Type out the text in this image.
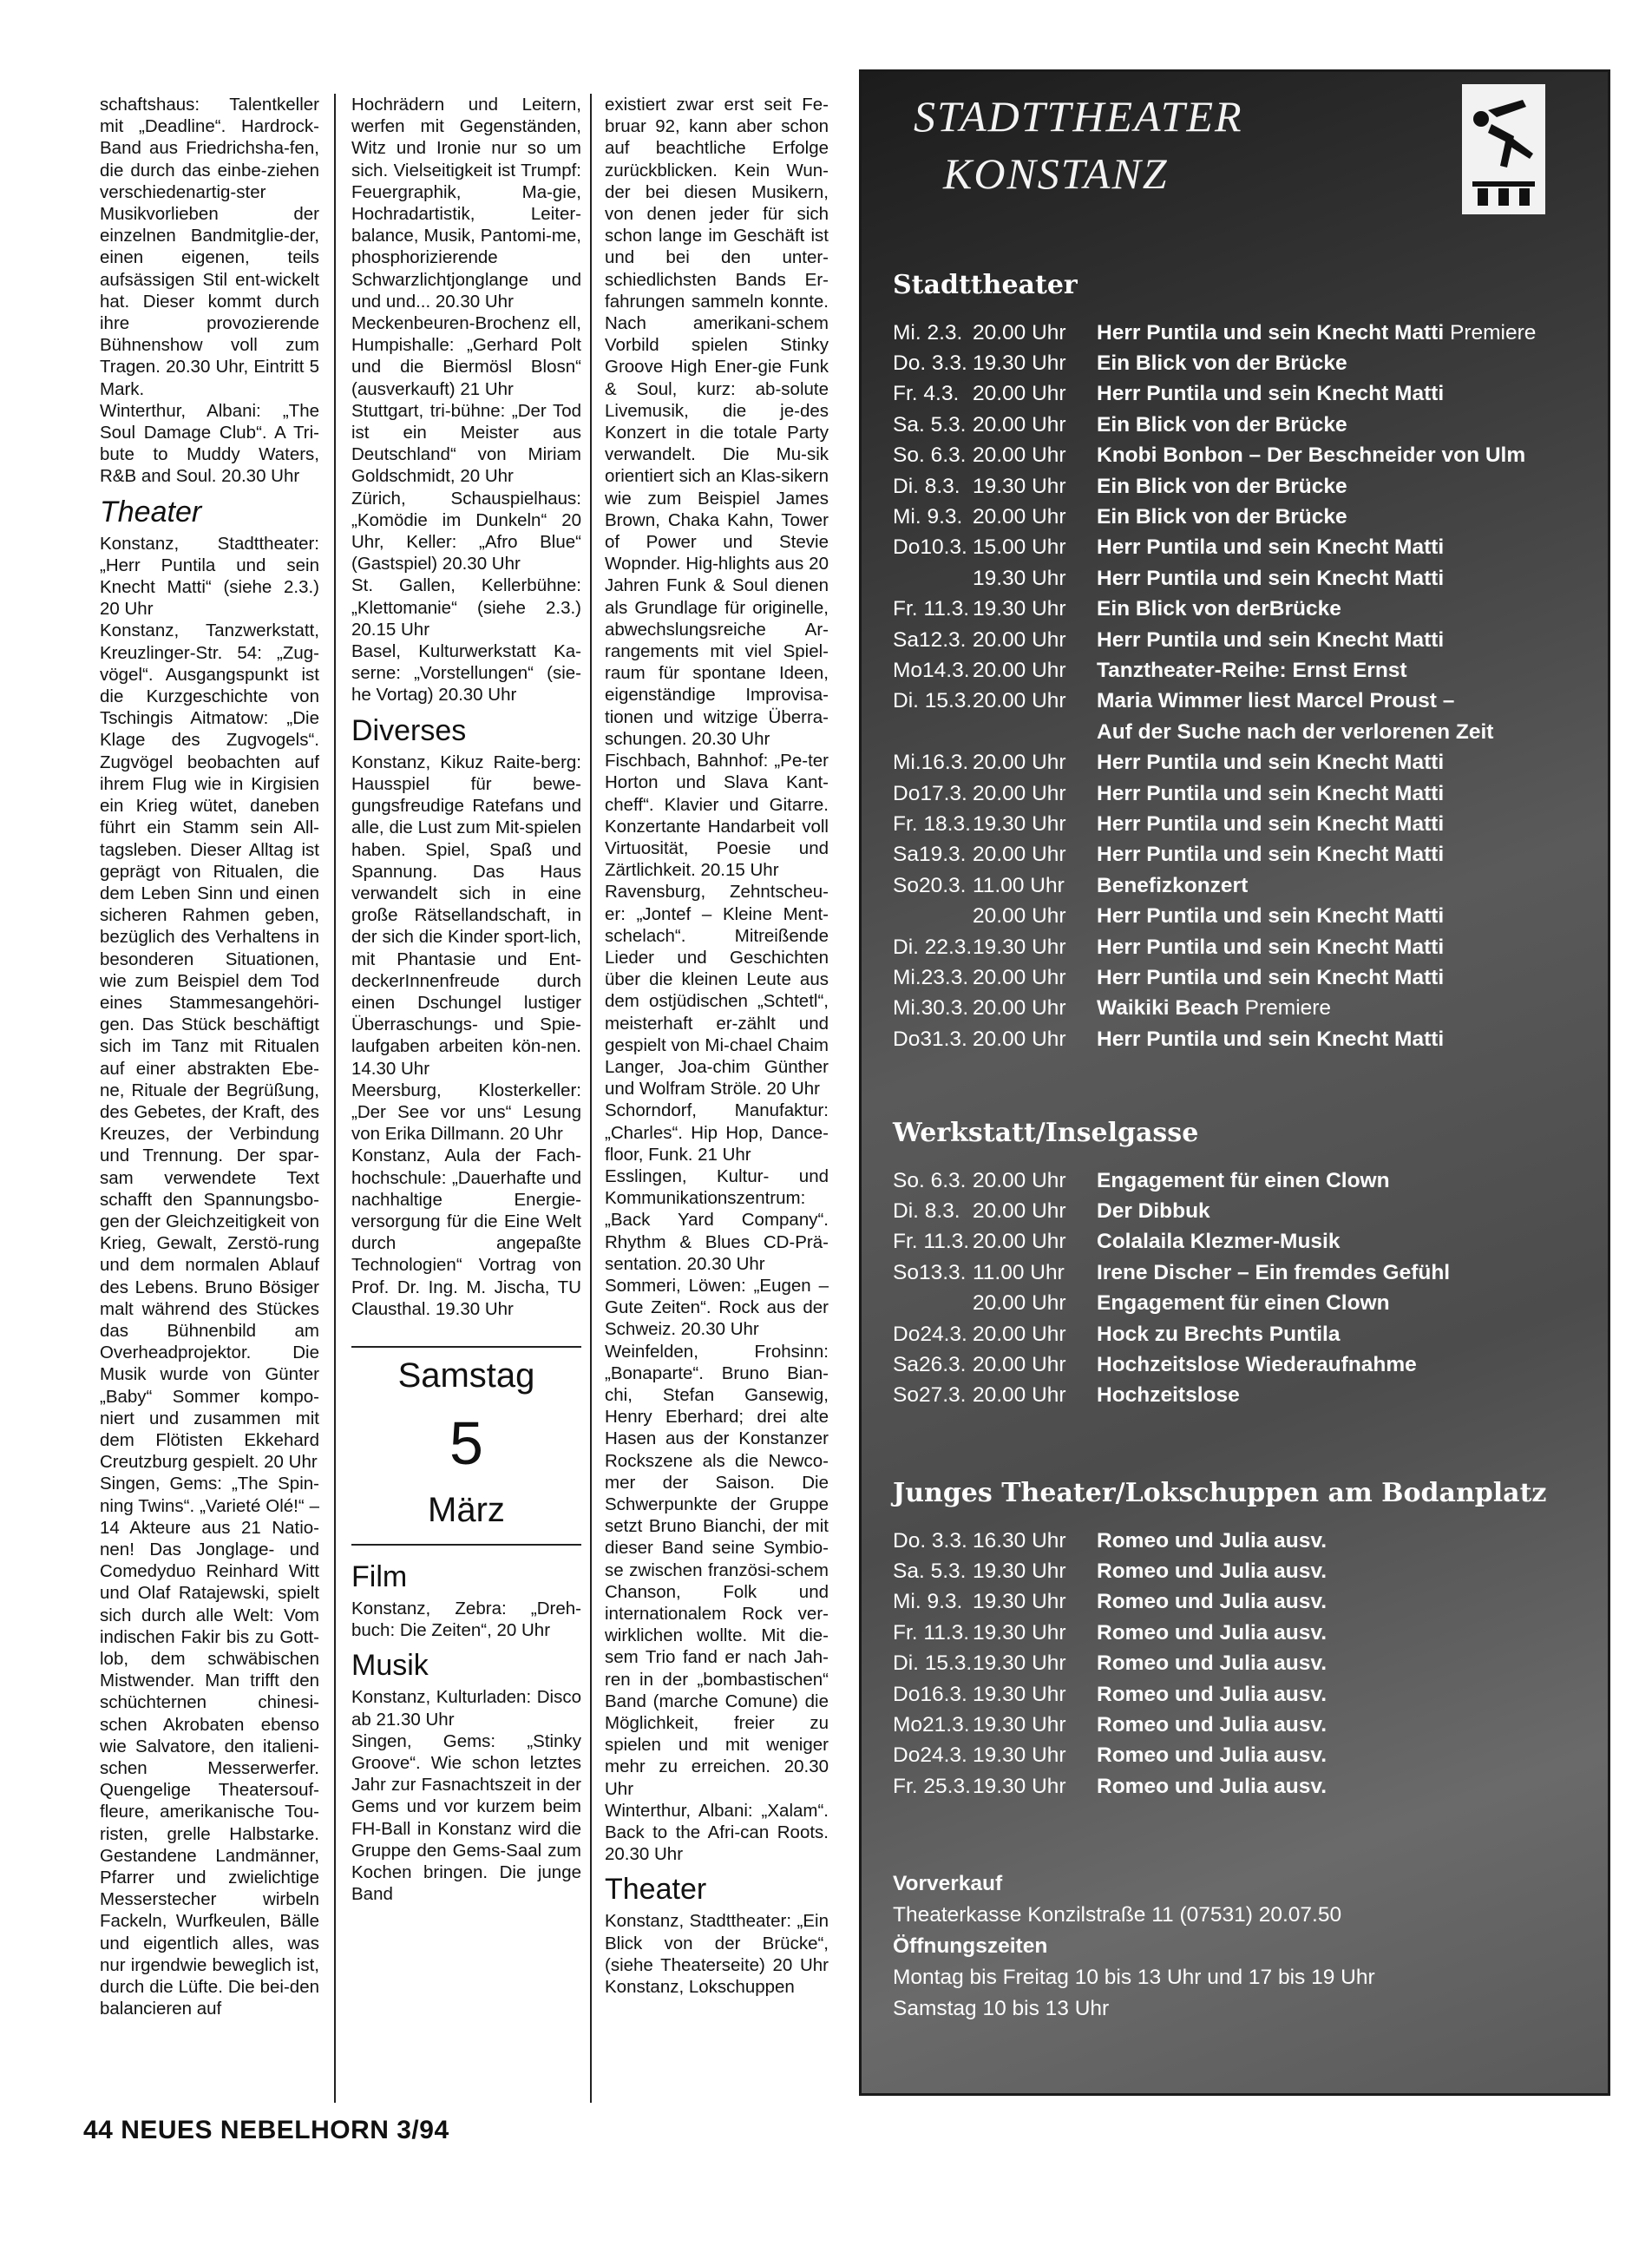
schaftshaus: Talentkeller mit „Deadline“. Hardrock-Band aus Friedrichsha-fen, die durch das einbe-ziehen verschiedenartig-ster Musikvorlieben der einzelnen Bandmitglie-der, einen eigenen, teils aufsässigen Stil ent-wickelt hat. Dieser kommt durch ihre provozierende Bühnenshow voll zum Tragen. 20.30 Uhr, Eintritt 5 Mark.

Winterthur, Albani: „The Soul Damage Club“. A Tri-bute to Muddy Waters, R&B and Soul. 20.30 Uhr

Theater

Konstanz, Stadttheater: „Herr Puntila und sein Knecht Matti“ (siehe 2.3.) 20 Uhr

Konstanz, Tanzwerkstatt, Kreuzlinger-Str. 54: „Zug-vögel“. Ausgangspunkt ist die Kurzgeschichte von Tschingis Aitmatow: „Die Klage des Zugvogels“. Zugvögel beobachten auf ihrem Flug wie in Kirgisien ein Krieg wütet, daneben führt ein Stamm sein All-tagsleben. Dieser Alltag ist geprägt von Ritualen, die dem Leben Sinn und einen sicheren Rahmen geben, bezüglich des Verhaltens in besonderen Situationen, wie zum Beispiel dem Tod eines Stammesangehöri-gen. Das Stück beschäftigt sich im Tanz mit Ritualen auf einer abstrakten Ebe-ne, Rituale der Begrüßung, des Gebetes, der Kraft, des Kreuzes, der Verbindung und Trennung. Der spar-sam verwendete Text schafft den Spannungsbo-gen der Gleichzeitigkeit von Krieg, Gewalt, Zerstö-rung und dem normalen Ablauf des Lebens. Bruno Bösiger malt während des Stückes das Bühnenbild am Overheadprojektor. Die Musik wurde von Günter „Baby“ Sommer kompo-niert und zusammen mit dem Flötisten Ekkehard Creutzburg gespielt. 20 Uhr

Singen, Gems: „The Spin-ning Twins“. „Varieté Olé!“ – 14 Akteure aus 21 Natio-nen! Das Jonglage- und Comedyduo Reinhard Witt und Olaf Ratajewski, spielt sich durch alle Welt: Vom indischen Fakir bis zu Gott-lob, dem schwäbischen Mistwender. Man trifft den schüchternen chinesi-schen Akrobaten ebenso wie Salvatore, den italieni-schen Messerwerfer. Quengelige Theatersouf-fleure, amerikanische Tou-risten, grelle Halbstarke. Gestandene Landmänner, Pfarrer und zwielichtige Messerstecher wirbeln Fackeln, Wurfkeulen, Bälle und eigentlich alles, was nur irgendwie beweglich ist, durch die Lüfte. Die bei-den balancieren auf

Hochrädern und Leitern, werfen mit Gegenständen, Witz und Ironie nur so um sich. Vielseitigkeit ist Trumpf: Feuergraphik, Ma-gie, Hochradartistik, Leiter-balance, Musik, Pantomi-me, phosphorizierende Schwarzlichtjonglange und und und... 20.30 Uhr

Meckenbeuren-Brochenz ell, Humpishalle: „Gerhard Polt und die Biermösl Blosn“ (ausverkauft) 21 Uhr

Stuttgart, tri-bühne: „Der Tod ist ein Meister aus Deutschland“ von Miriam Goldschmidt, 20 Uhr

Zürich, Schauspielhaus: „Komödie im Dunkeln“ 20 Uhr, Keller: „Afro Blue“ (Gastspiel) 20.30 Uhr

St. Gallen, Kellerbühne: „Klettomanie“ (siehe 2.3.) 20.15 Uhr

Basel, Kulturwerkstatt Ka-serne: „Vorstellungen“ (sie-he Vortag) 20.30 Uhr

Diverses

Konstanz, Kikuz Raite-berg: Hausspiel für bewe-gungsfreudige Ratefans und alle, die Lust zum Mit-spielen haben. Spiel, Spaß und Spannung. Das Haus verwandelt sich in eine große Rätsellandschaft, in der sich die Kinder sport-lich, mit Phantasie und Ent-deckerInnenfreude durch einen Dschungel lustiger Überraschungs- und Spie-laufgaben arbeiten kön-nen. 14.30 Uhr

Meersburg, Klosterkeller: „Der See vor uns“ Lesung von Erika Dillmann. 20 Uhr

Konstanz, Aula der Fach-hochschule: „Dauerhafte und nachhaltige Energie-versorgung für die Eine Welt durch angepaßte Technologien“ Vortrag von Prof. Dr. Ing. M. Jischa, TU Clausthal. 19.30 Uhr

Samstag
5
März
Film

Konstanz, Zebra: „Dreh-buch: Die Zeiten“, 20 Uhr

Musik

Konstanz, Kulturladen: Disco ab 21.30 Uhr

Singen, Gems: „Stinky Groove“. Wie schon letztes Jahr zur Fasnachtszeit in der Gems und vor kurzem beim FH-Ball in Konstanz wird die Gruppe den Gems-Saal zum Kochen bringen. Die junge Band

existiert zwar erst seit Fe-bruar 92, kann aber schon auf beachtliche Erfolge zurückblicken. Kein Wun-der bei diesen Musikern, von denen jeder für sich schon lange im Geschäft ist und bei den unter-schiedlichsten Bands Er-fahrungen sammeln konnte. Nach amerikani-schem Vorbild spielen Stinky Groove High Ener-gie Funk & Soul, kurz: ab-solute Livemusik, die je-des Konzert in die totale Party verwandelt. Die Mu-sik orientiert sich an Klas-sikern wie zum Beispiel James Brown, Chaka Kahn, Tower of Power und Stevie Wopnder. Hig-hlights aus 20 Jahren Funk & Soul dienen als Grundlage für originelle, abwechslungsreiche Ar-rangements mit viel Spiel-raum für spontane Ideen, eigenständige Improvisa-tionen und witzige Überra-schungen. 20.30 Uhr

Fischbach, Bahnhof: „Pe-ter Horton und Slava Kant-cheff“. Klavier und Gitarre. Konzertante Handarbeit voll Virtuosität, Poesie und Zärtlichkeit. 20.15 Uhr

Ravensburg, Zehntscheu-er: „Jontef – Kleine Ment-schelach“. Mitreißende Lieder und Geschichten über die kleinen Leute aus dem ostjüdischen „Schtetl“, meisterhaft er-zählt und gespielt von Mi-chael Chaim Langer, Joa-chim Günther und Wolfram Ströle. 20 Uhr

Schorndorf, Manufaktur: „Charles“. Hip Hop, Dance-floor, Funk. 21 Uhr

Esslingen, Kultur- und Kommunikationszentrum: „Back Yard Company“. Rhythm & Blues CD-Prä-sentation. 20.30 Uhr

Sommeri, Löwen: „Eugen – Gute Zeiten“. Rock aus der Schweiz. 20.30 Uhr

Weinfelden, Frohsinn: „Bonaparte“. Bruno Bian-chi, Stefan Gansewig, Henry Eberhard; drei alte Hasen aus der Konstanzer Rockszene als die Newco-mer der Saison. Die Schwerpunkte der Gruppe setzt Bruno Bianchi, der mit dieser Band seine Symbio-se zwischen französi-schem Chanson, Folk und internationalem Rock ver-wirklichen wollte. Mit die-sem Trio fand er nach Jah-ren in der „bombastischen“ Band (marche Comune) die Möglichkeit, freier zu spielen und mit weniger mehr zu erreichen. 20.30 Uhr

Winterthur, Albani: „Xalam“. Back to the Afri-can Roots. 20.30 Uhr

Theater

Konstanz, Stadttheater: „Ein Blick von der Brücke“, (siehe Theaterseite) 20 Uhr Konstanz, Lokschuppen

STADTTHEATER
KONSTANZ
Stadttheater
Mi. 2.3. 20.00 Uhr	Herr Puntila und sein Knecht Matti Premiere
Do. 3.3. 19.30 Uhr	Ein Blick von der Brücke
Fr. 4.3. 20.00 Uhr	Herr Puntila und sein Knecht Matti
Sa. 5.3. 20.00 Uhr	Ein Blick von der Brücke
So. 6.3. 20.00 Uhr	Knobi Bonbon – Der Beschneider von Ulm
Di. 8.3. 19.30 Uhr	Ein Blick von der Brücke
Mi. 9.3. 20.00 Uhr	Ein Blick von der Brücke
Do10.3. 15.00 Uhr	Herr Puntila und sein Knecht Matti
19.30 Uhr	Herr Puntila und sein Knecht Matti
Fr. 11.3. 19.30 Uhr	Ein Blick von derBrücke
Sa12.3. 20.00 Uhr	Herr Puntila und sein Knecht Matti
Mo14.3. 20.00 Uhr	Tanztheater-Reihe: Ernst Ernst
Di. 15.3. 20.00 Uhr	Maria Wimmer liest Marcel Proust –
Auf der Suche nach der verlorenen Zeit
Mi.16.3. 20.00 Uhr	Herr Puntila und sein Knecht Matti
Do17.3. 20.00 Uhr	Herr Puntila und sein Knecht Matti
Fr. 18.3. 19.30 Uhr	Herr Puntila und sein Knecht Matti
Sa19.3. 20.00 Uhr	Herr Puntila und sein Knecht Matti
So20.3. 11.00 Uhr	Benefizkonzert
20.00 Uhr	Herr Puntila und sein Knecht Matti
Di. 22.3. 19.30 Uhr	Herr Puntila und sein Knecht Matti
Mi.23.3. 20.00 Uhr	Herr Puntila und sein Knecht Matti
Mi.30.3. 20.00 Uhr	Waikiki Beach Premiere
Do31.3. 20.00 Uhr	Herr Puntila und sein Knecht Matti
Werkstatt/Inselgasse
So. 6.3. 20.00 Uhr	Engagement für einen Clown
Di. 8.3. 20.00 Uhr	Der Dibbuk
Fr. 11.3. 20.00 Uhr	Colalaila Klezmer-Musik
So13.3. 11.00 Uhr	Irene Discher – Ein fremdes Gefühl
20.00 Uhr	Engagement für einen Clown
Do24.3. 20.00 Uhr	Hock zu Brechts Puntila
Sa26.3. 20.00 Uhr	Hochzeitslose Wiederaufnahme
So27.3. 20.00 Uhr	Hochzeitslose
Junges Theater/Lokschuppen am Bodanplatz
Do. 3.3. 16.30 Uhr	Romeo und Julia ausv.
Sa. 5.3. 19.30 Uhr	Romeo und Julia ausv.
Mi. 9.3. 19.30 Uhr	Romeo und Julia ausv.
Fr. 11.3. 19.30 Uhr	Romeo und Julia ausv.
Di. 15.3. 19.30 Uhr	Romeo und Julia ausv.
Do16.3. 19.30 Uhr	Romeo und Julia ausv.
Mo21.3. 19.30 Uhr	Romeo und Julia ausv.
Do24.3. 19.30 Uhr	Romeo und Julia ausv.
Fr. 25.3. 19.30 Uhr	Romeo und Julia ausv.
Vorverkauf
Theaterkasse Konzilstraße 11 (07531) 20.07.50
Öffnungszeiten
Montag bis Freitag 10 bis 13 Uhr und 17 bis 19 Uhr
Samstag 10 bis 13 Uhr
44 NEUES NEBELHORN 3/94
